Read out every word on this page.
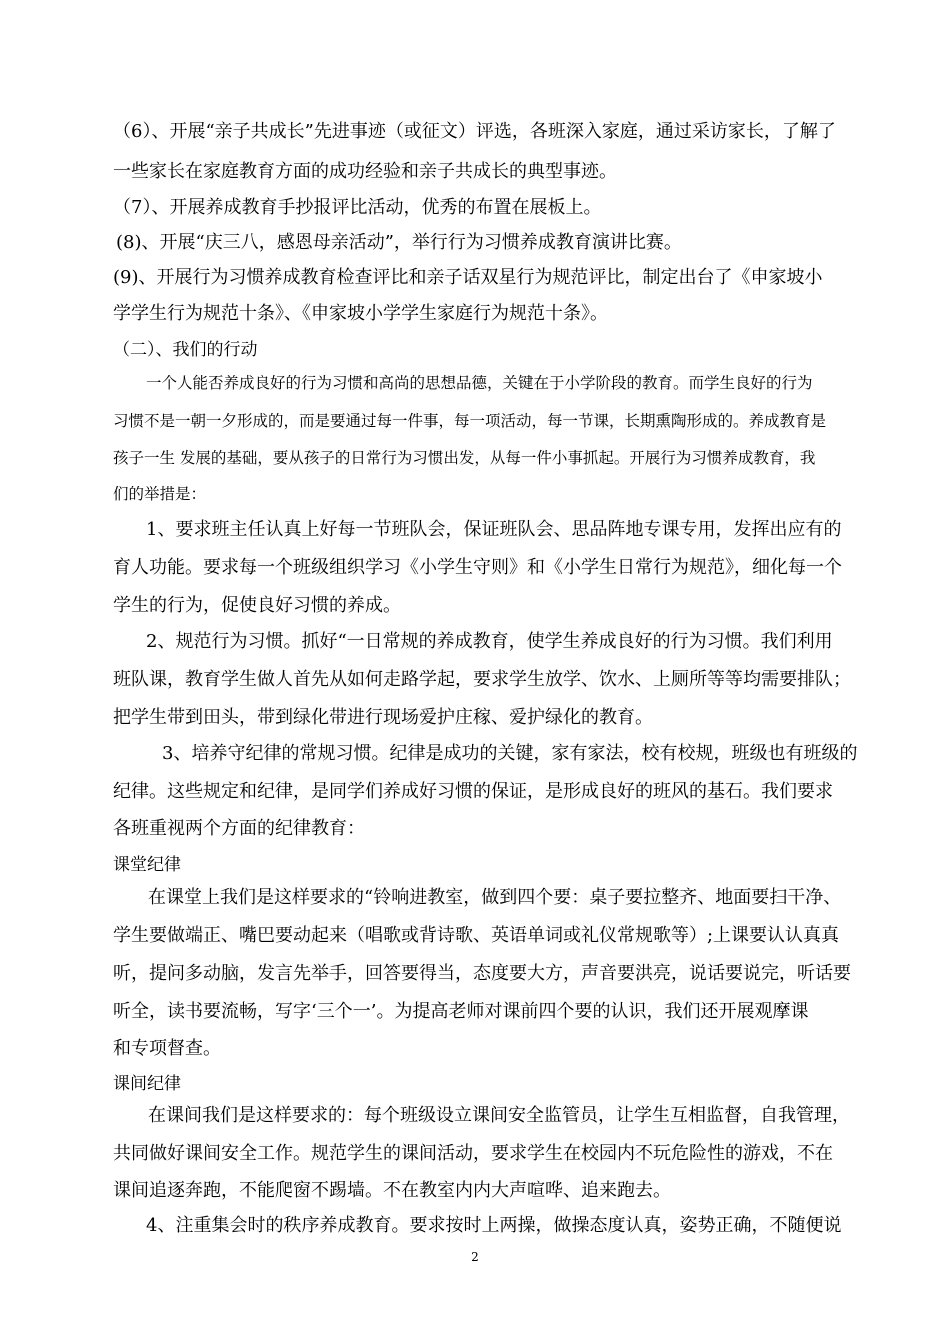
（6）、开展“亲子共成长”先进事迹（或征文）评选，各班深入家庭，通过采访家长，了解了
一些家长在家庭教育方面的成功经验和亲子共成长的典型事迹。
（7）、开展养成教育手抄报评比活动，优秀的布置在展板上。
(8)、开展“庆三八，感恩母亲活动”，举行行为习惯养成教育演讲比赛。
(9)、开展行为习惯养成教育检查评比和亲子话双星行为规范评比，制定出台了《申家坡小
学学生行为规范十条》、《申家坡小学学生家庭行为规范十条》。
（二）、我们的行动
一个人能否养成良好的行为习惯和高尚的思想品德，关键在于小学阶段的教育。而学生良好的行为
习惯不是一朝一夕形成的，而是要通过每一件事，每一项活动，每一节课，长期熏陶形成的。养成教育是
孩子一生 发展的基础，要从孩子的日常行为习惯出发，从每一件小事抓起。开展行为习惯养成教育，我
们的举措是：
1、要求班主任认真上好每一节班队会，保证班队会、思品阵地专课专用，发挥出应有的
育人功能。要求每一个班级组织学习《小学生守则》和《小学生日常行为规范》，细化每一个
学生的行为，促使良好习惯的养成。
2、规范行为习惯。抓好“一日常规的养成教育，使学生养成良好的行为习惯。我们利用
班队课，教育学生做人首先从如何走路学起，要求学生放学、饮水、上厕所等等均需要排队；
把学生带到田头，带到绿化带进行现场爱护庄稼、爱护绿化的教育。
3、培养守纪律的常规习惯。纪律是成功的关键，家有家法，校有校规，班级也有班级的
纪律。这些规定和纪律，是同学们养成好习惯的保证，是形成良好的班风的基石。我们要求
各班重视两个方面的纪律教育：
课堂纪律
在课堂上我们是这样要求的“铃响进教室，做到四个要：桌子要拉整齐、地面要扫干净、
学生要做端正、嘴巴要动起来（唱歌或背诗歌、英语单词或礼仪常规歌等）;上课要认认真真
听，提问多动脑，发言先举手，回答要得当，态度要大方，声音要洪亮，说话要说完，听话要
听全，读书要流畅，写字‘三个一’。为提高老师对课前四个要的认识，我们还开展观摩课
和专项督查。
课间纪律
在课间我们是这样要求的：每个班级设立课间安全监管员，让学生互相监督，自我管理，
共同做好课间安全工作。规范学生的课间活动，要求学生在校园内不玩危险性的游戏，不在
课间追逐奔跑，不能爬窗不踢墙。不在教室内内大声喧哗、追来跑去。
4、注重集会时的秩序养成教育。要求按时上两操，做操态度认真，姿势正确，不随便说
2
